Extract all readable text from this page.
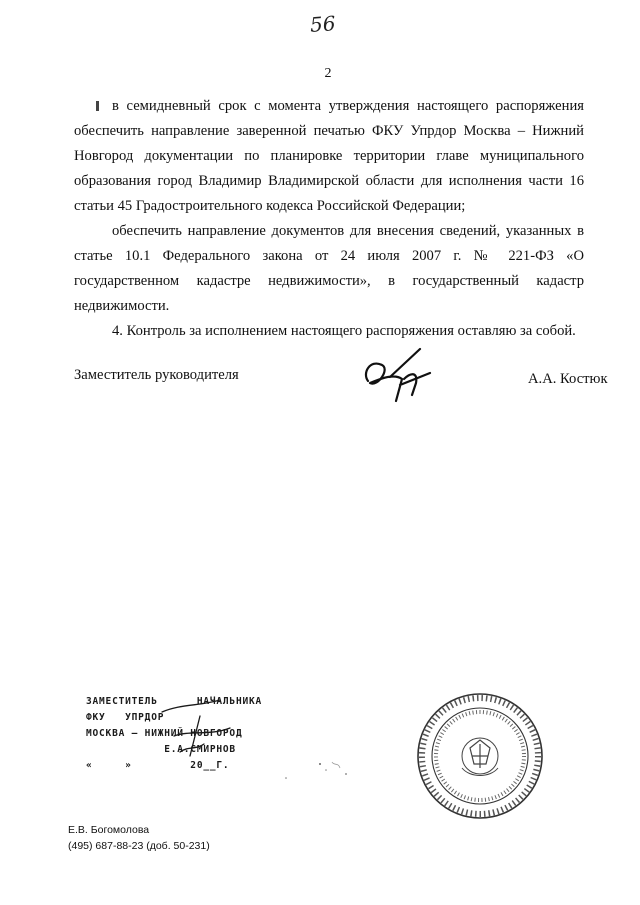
56
2

в семидневный срок с момента утверждения настоящего распоряжения обеспечить направление заверенной печатью ФКУ Упрдор Москва – Нижний Новгород документации по планировке территории главе муниципального образования город Владимир Владимирской области для исполнения части 16 статьи 45 Градостроительного кодекса Российской Федерации;

обеспечить направление документов для внесения сведений, указанных в статье 10.1 Федерального закона от 24 июля 2007 г. № 221-ФЗ «О государственном кадастре недвижимости», в государственный кадастр недвижимости.

4. Контроль за исполнением настоящего распоряжения оставляю за собой.

Заместитель руководителя	А.А. Костюк
ЗАМЕСТИТЕЛЬ      НАЧАЛЬНИКА
ФКУ   УПРДОР
МОСКВА – НИЖНИЙ НОВГОРОД
Е.А.СМИРНОВ
«     »         20__Г.
Е.В. Богомолова
(495) 687-88-23 (доб. 50-231)
